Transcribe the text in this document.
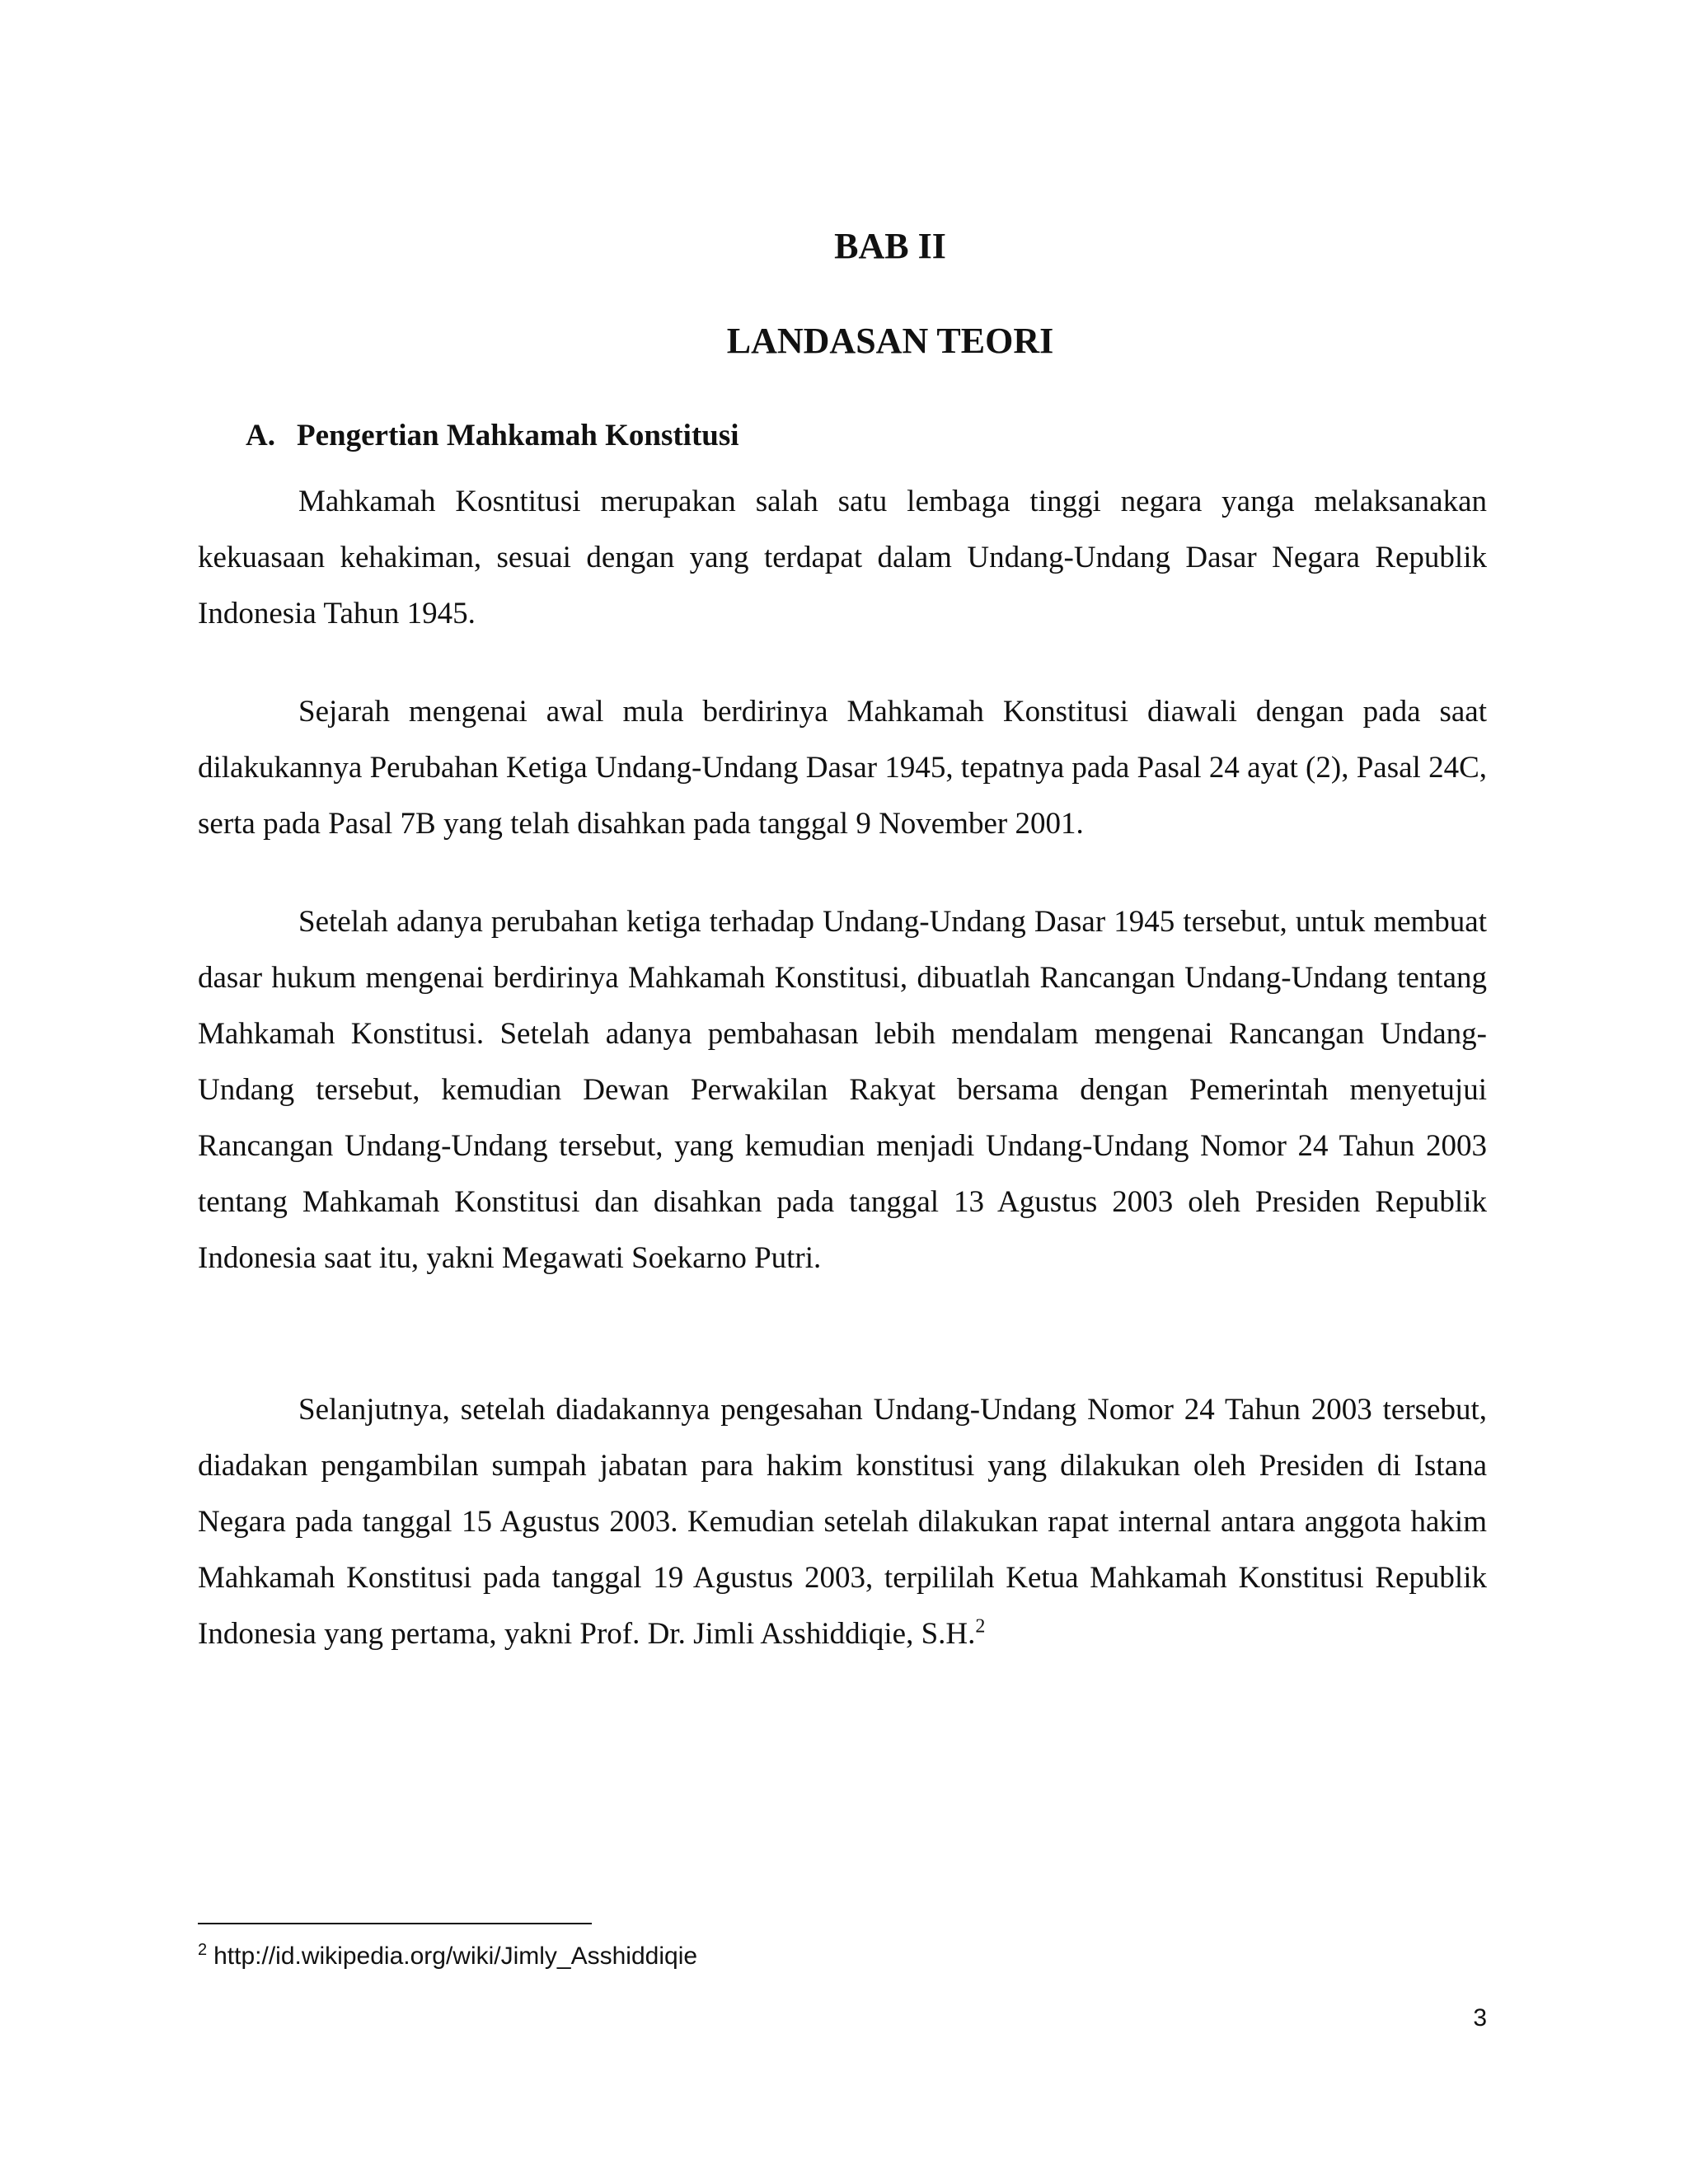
BAB II
LANDASAN TEORI
A. Pengertian Mahkamah Konstitusi

Mahkamah Kosntitusi merupakan salah satu lembaga tinggi negara yanga melaksanakan kekuasaan kehakiman, sesuai dengan yang terdapat dalam Undang-Undang Dasar Negara Republik Indonesia Tahun 1945.

Sejarah mengenai awal mula berdirinya Mahkamah Konstitusi diawali dengan pada saat dilakukannya Perubahan Ketiga Undang-Undang Dasar 1945, tepatnya pada Pasal 24 ayat (2), Pasal 24C, serta pada Pasal 7B yang telah disahkan pada tanggal 9 November 2001.

Setelah adanya perubahan ketiga terhadap Undang-Undang Dasar 1945 tersebut, untuk membuat dasar hukum mengenai berdirinya Mahkamah Konstitusi, dibuatlah Rancangan Undang-Undang tentang Mahkamah Konstitusi. Setelah adanya pembahasan lebih mendalam mengenai Rancangan Undang-Undang tersebut, kemudian Dewan Perwakilan Rakyat bersama dengan Pemerintah menyetujui Rancangan Undang-Undang tersebut, yang kemudian menjadi Undang-Undang Nomor 24 Tahun 2003 tentang Mahkamah Konstitusi dan disahkan pada tanggal 13 Agustus 2003 oleh Presiden Republik Indonesia saat itu, yakni Megawati Soekarno Putri.

Selanjutnya, setelah diadakannya pengesahan Undang-Undang Nomor 24 Tahun 2003 tersebut, diadakan pengambilan sumpah jabatan para hakim konstitusi yang dilakukan oleh Presiden di Istana Negara pada tanggal 15 Agustus 2003. Kemudian setelah dilakukan rapat internal antara anggota hakim Mahkamah Konstitusi pada tanggal 19 Agustus 2003, terpililah Ketua Mahkamah Konstitusi Republik Indonesia yang pertama, yakni Prof. Dr. Jimli Asshiddiqie, S.H.$^2$

$^2$ http://id.wikipedia.org/wiki/Jimly_Asshiddiqie
3
